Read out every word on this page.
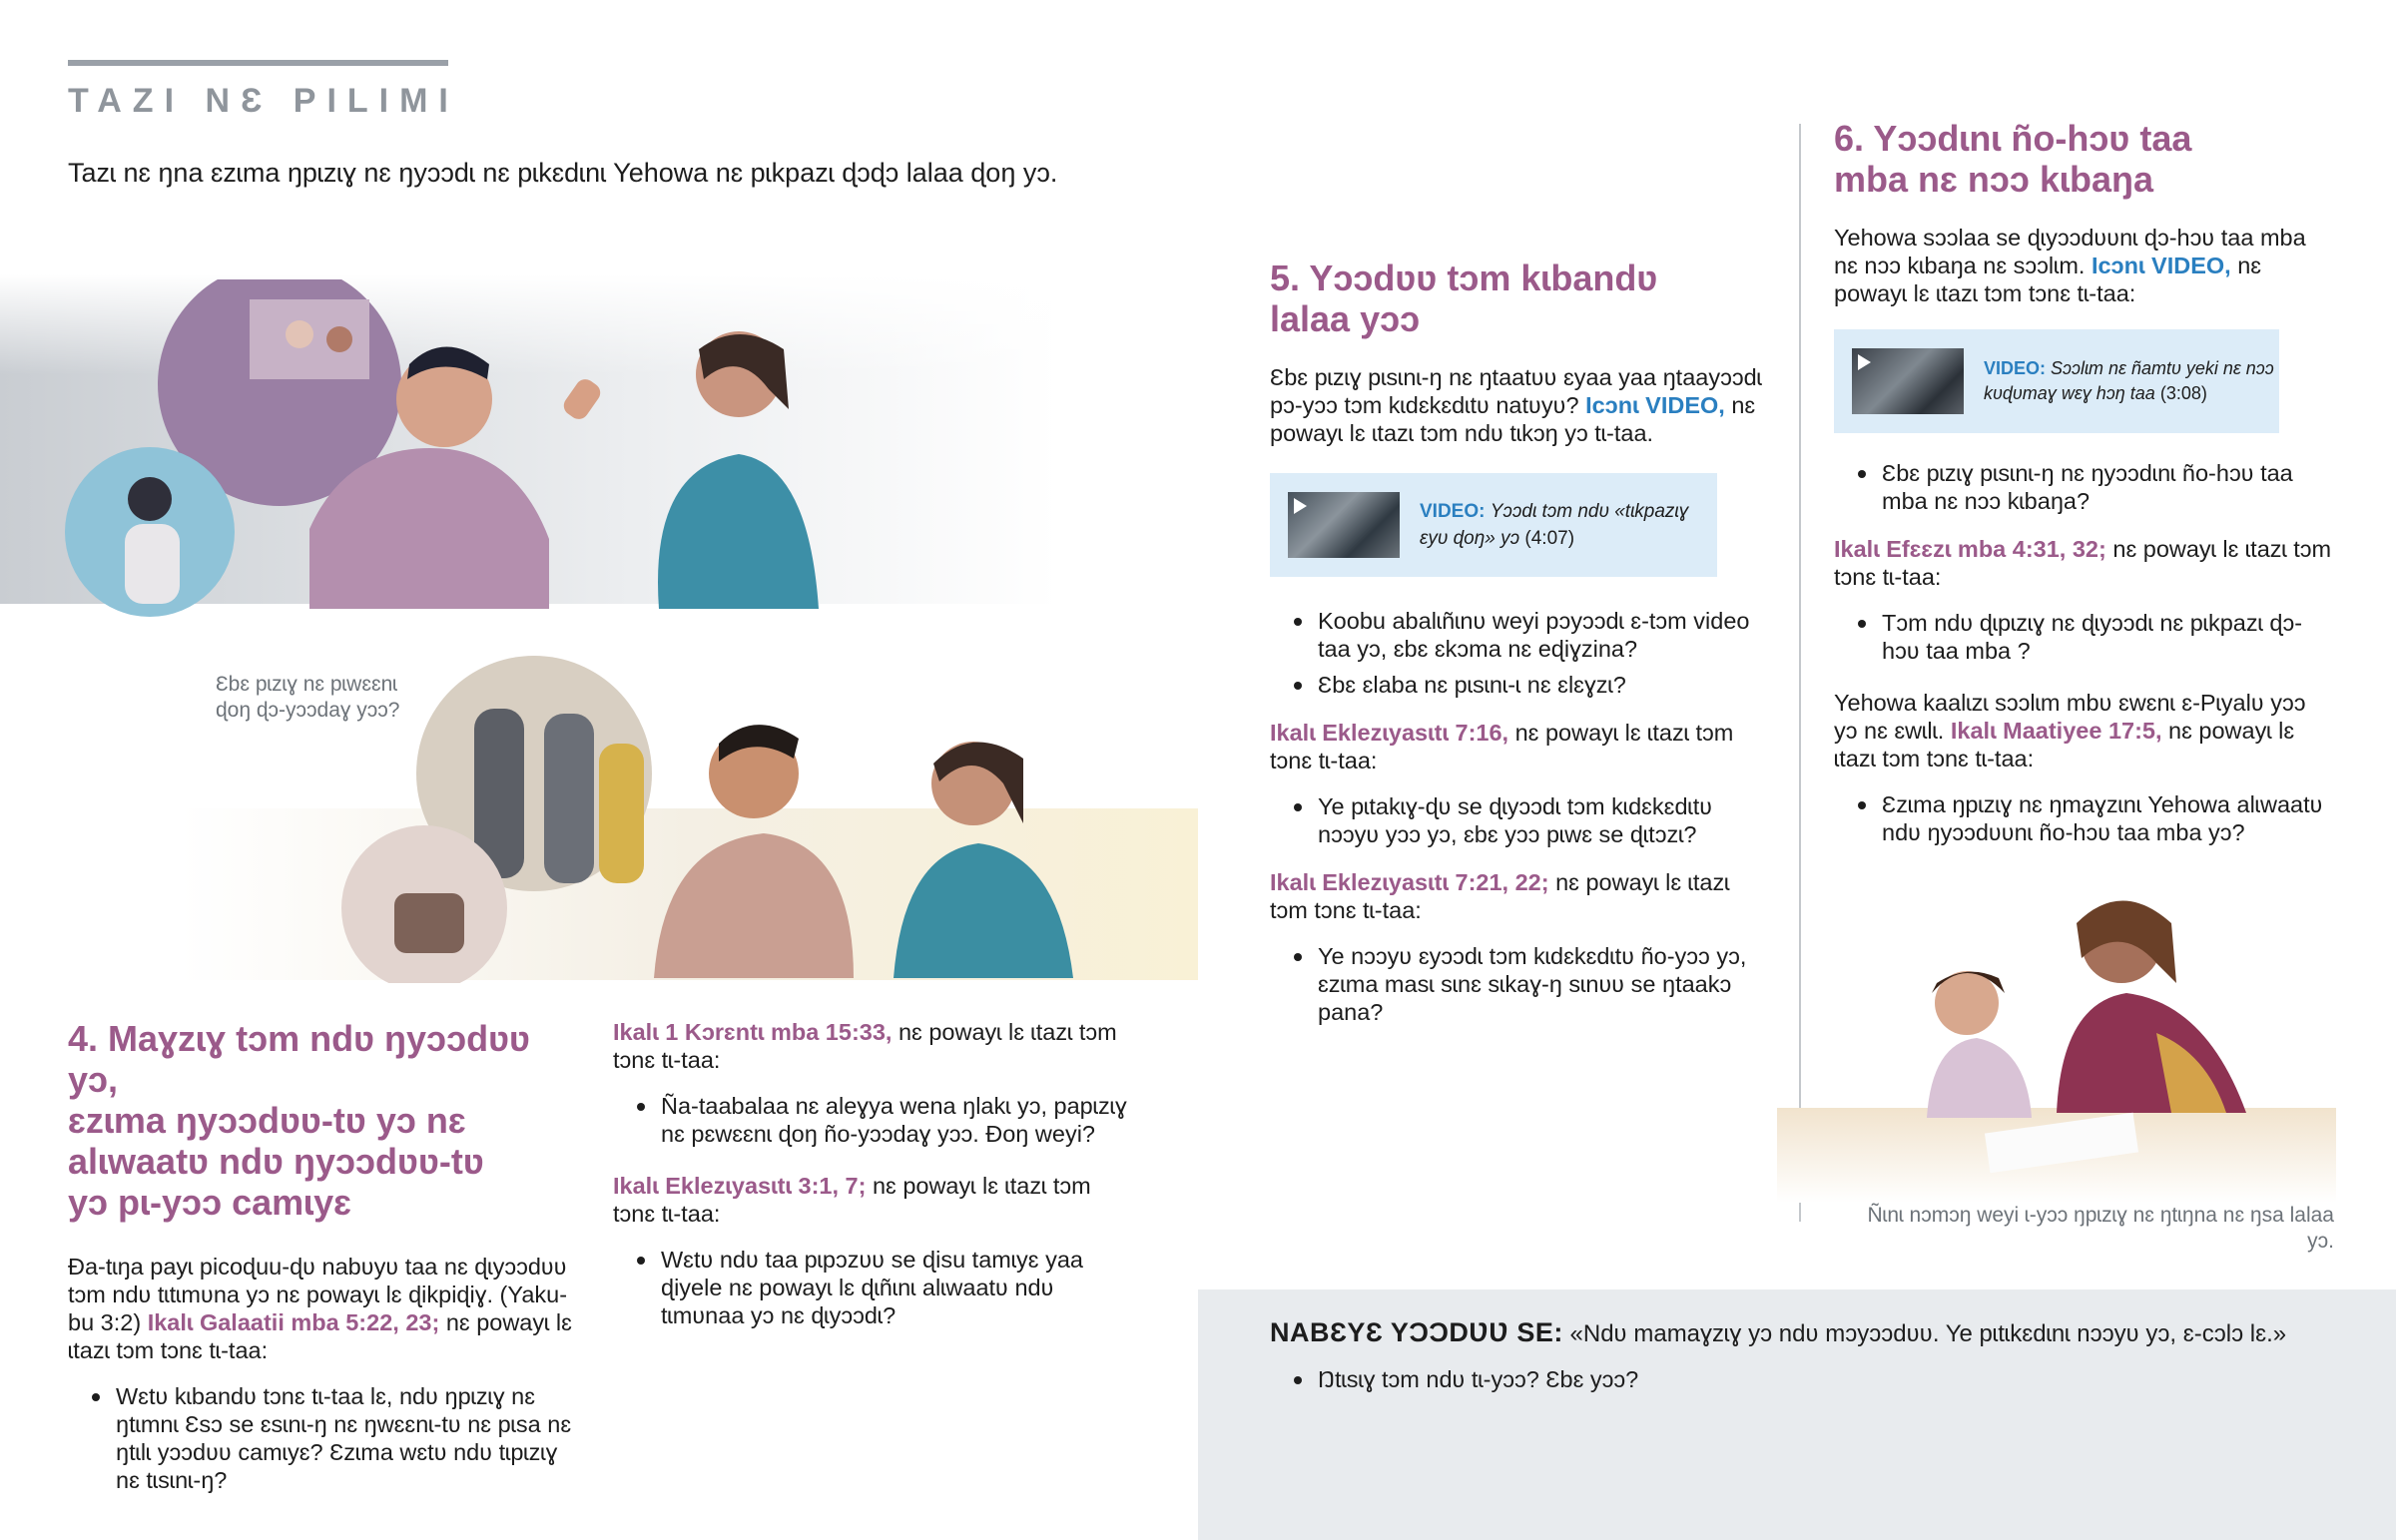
TAZƖ NƐ PƖLƖMƖ
Tazɩ nɛ ŋna ɛzɩma ŋpɩzɩɣ nɛ ŋyɔɔdɩ nɛ pɩkɛdɩnɩ Yehowa nɛ pɩkpazɩ ɖɔɖɔ lalaa ɖoŋ yɔ.
Ɛbɛ pɩzɩɣ nɛ pɩwɛɛnɩ ɖoŋ ɖɔ-yɔɔdaɣ yɔɔ?
4. Maɣzɩɣ tɔm ndʋ ŋyɔɔdʋʋ yɔ,
ɛzɩma ŋyɔɔdʋʋ-tʋ yɔ nɛ
alɩwaatʋ ndʋ ŋyɔɔdʋʋ-tʋ
yɔ pɩ-yɔɔ camɩyɛ
Ɖa-tɩŋa payɩ picoɖuu-ɖʋ nabʋyʋ taa nɛ ɖɩyɔɔdʋʋ tɔm ndʋ tɩtɩmʋna yɔ nɛ powayɩ lɛ ɖikpiɖiɣ. (Yakubu 3:2) Ɩkalɩ Galaatii mba 5:22, 23; nɛ powayɩ lɛ ɩtazɩ tɔm tɔnɛ tɩ-taa:
Wɛtʋ kɩbandʋ tɔnɛ tɩ-taa lɛ, ndʋ ŋpɩzɩɣ nɛ ŋtɩmnɩ Ɛsɔ se ɛsɩnɩ-ŋ nɛ ŋwɛɛnɩ-tʋ nɛ pɩsa nɛ ŋtɩlɩ yɔɔdʋʋ camɩyɛ? Ɛzɩma wɛtʋ ndʋ tɩpɩzɩɣ nɛ tɩsɩnɩ-ŋ?
Ɩkalɩ 1 Kɔrɛntɩ mba 15:33, nɛ powayɩ lɛ ɩtazɩ tɔm tɔnɛ tɩ-taa:
Ña-taabalaa nɛ aleɣya wena ŋlakɩ yɔ, papɩzɩɣ nɛ pɛwɛɛnɩ ɖoŋ ño-yɔɔdaɣ yɔɔ. Ɖoŋ weyi?
Ɩkalɩ Eklezɩyasɩtɩ 3:1, 7; nɛ powayɩ lɛ ɩtazɩ tɔm tɔnɛ tɩ-taa:
Wɛtʋ ndʋ taa pɩpɔzʋʋ se ɖisu tamɩyɛ yaa ɖiyele nɛ powayɩ lɛ ɖɩñɩnɩ alɩwaatʋ ndʋ tɩmʋnaa yɔ nɛ ɖɩyɔɔdɩ?
5. Yɔɔdʋʋ tɔm kɩbandʋ
lalaa yɔɔ
Ɛbɛ pɩzɩɣ pɩsɩnɩ-ŋ nɛ ŋtaatʋʋ ɛyaa yaa ŋtaayɔɔdɩ pɔ-yɔɔ tɔm kɩdɛkɛdɩtʋ natʋyʋ? Ɩcɔnɩ VIDEO, nɛ powayɩ lɛ ɩtazɩ tɔm ndʋ tɩkɔŋ yɔ tɩ-taa.
VIDEO: Yɔɔdɩ tɔm ndʋ «tɩkpazɩɣ ɛyʋ ɖoŋ» yɔ (4:07)
Koobu abalɩñɩnʋ weyi pɔyɔɔdɩ ɛ-tɔm video taa yɔ, ɛbɛ ɛkɔma nɛ eɖiɣzina?
Ɛbɛ ɛlaba nɛ pɩsɩnɩ-ɩ nɛ ɛlɛɣzɩ?
Ɩkalɩ Eklezɩyasɩtɩ 7:16, nɛ powayɩ lɛ ɩtazɩ tɔm tɔnɛ tɩ-taa:
Ye pɩtakɩɣ-ɖʋ se ɖɩyɔɔdɩ tɔm kɩdɛkɛdɩtʋ nɔɔyʋ yɔɔ yɔ, ɛbɛ yɔɔ pɩwɛ se ɖɩtɔzɩ?
Ɩkalɩ Eklezɩyasɩtɩ 7:21, 22; nɛ powayɩ lɛ ɩtazɩ tɔm tɔnɛ tɩ-taa:
Ye nɔɔyʋ ɛyɔɔdɩ tɔm kɩdɛkɛdɩtʋ ño-yɔɔ yɔ, ɛzɩma masɩ sɩnɛ sɩkaɣ-ŋ sɩnʋʋ se ŋtaakɔ pana?
6. Yɔɔdɩnɩ ño-hɔʋ taa
mba nɛ nɔɔ kɩbaŋa
Yehowa sɔɔlaa se ɖɩyɔɔdʋʋnɩ ɖɔ-hɔʋ taa mba nɛ nɔɔ kɩbaŋa nɛ sɔɔlɩm. Ɩcɔnɩ VIDEO, nɛ powayɩ lɛ ɩtazɩ tɔm tɔnɛ tɩ-taa:
VIDEO: Sɔɔlɩm nɛ ñamtʋ yeki nɛ nɔɔ kʋɖʋmaɣ wɛɣ hɔŋ taa (3:08)
Ɛbɛ pɩzɩɣ pɩsɩnɩ-ŋ nɛ ŋyɔɔdɩnɩ ño-hɔʋ taa mba nɛ nɔɔ kɩbaŋa?
Ɩkalɩ Efɛɛzɩ mba 4:31, 32; nɛ powayɩ lɛ ɩtazɩ tɔm tɔnɛ tɩ-taa:
Tɔm ndʋ ɖɩpɩzɩɣ nɛ ɖɩyɔɔdɩ nɛ pɩkpazɩ ɖɔ-hɔʋ taa mba ?
Yehowa kaalɩzɩ sɔɔlɩm mbʋ ɛwɛnɩ ɛ-Pɩyalʋ yɔɔ yɔ nɛ ɛwɩlɩ. Ɩkalɩ Maatiyee 17:5, nɛ powayɩ lɛ ɩtazɩ tɔm tɔnɛ tɩ-taa:
Ɛzɩma ŋpɩzɩɣ nɛ ŋmaɣzɩnɩ Yehowa alɩwaatʋ ndʋ ŋyɔɔdʋʋnɩ ño-hɔʋ taa mba yɔ?
Ñɩnɩ nɔmɔŋ weyi ɩ-yɔɔ ŋpɩzɩɣ nɛ ŋtɩŋna nɛ ŋsa lalaa yɔ.
NABƐYƐ YƆƆDƲƲ SE: «Ndʋ mamaɣzɩɣ yɔ ndʋ mɔyɔɔdʋʋ. Ye pɩtɩkɛdɩnɩ nɔɔyʋ yɔ, ɛ-cɔlɔ lɛ.»
Ŋtɩsɩɣ tɔm ndʋ tɩ-yɔɔ? Ɛbɛ yɔɔ?
